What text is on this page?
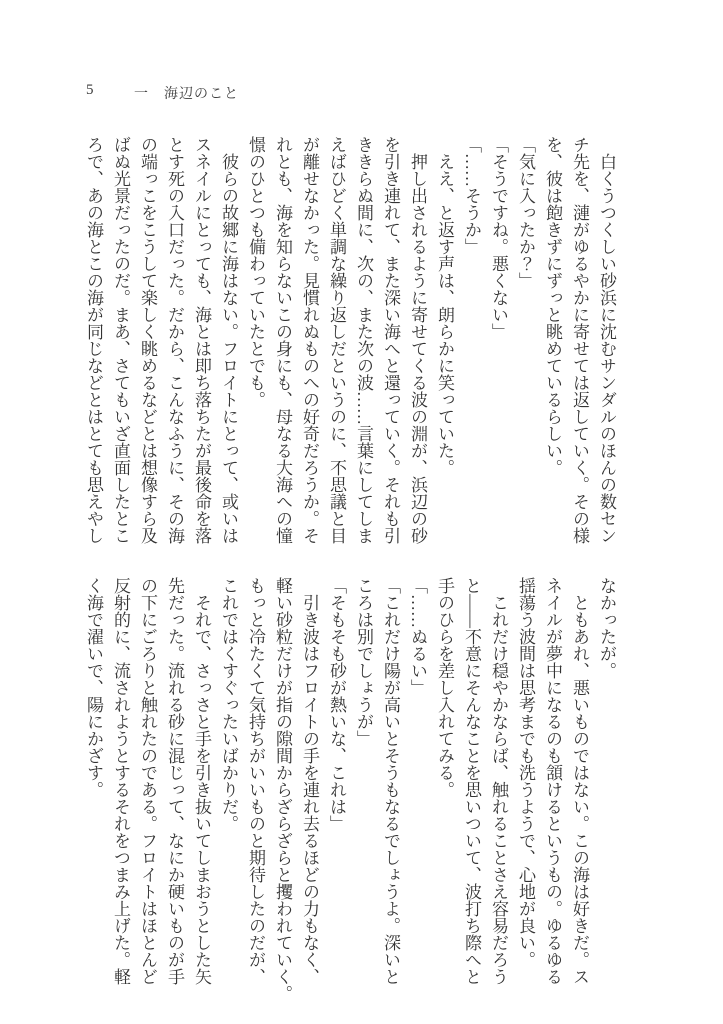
5	一　海辺のこと

白くうつくしい砂浜に沈むサンダルのほんの数セン

チ先を、漣がゆるやかに寄せては返していく。その様

を、彼は飽きずにずっと眺めているらしい。

「気に入ったか？」

「そうですね。悪くない」

「……そうか」

ええ、と返す声は、朗らかに笑っていた。

押し出されるように寄せてくる波の淵が、浜辺の砂

を引き連れて、また深い海へと還っていく。それも引

ききらぬ間に、次の、また次の波……言葉にしてしま

えばひどく単調な繰り返しだというのに、不思議と目

が離せなかった。見慣れぬものへの好奇だろうか。そ

れとも、海を知らないこの身にも、母なる大海への憧

憬のひとつも備わっていたとでも。

彼らの故郷に海はない。フロイトにとって、或いは

スネイルにとっても、海とは即ち落ちたが最後命を落

とす死の入口だった。だから、こんなふうに、その海

の端っこをこうして楽しく眺めるなどとは想像すら及

ばぬ光景だったのだ。まあ、さてもいざ直面したとこ

ろで、あの海とこの海が同じなどとはとても思えやし

なかったが。

ともあれ、悪いものではない。この海は好きだ。ス

ネイルが夢中になるのも頷けるというもの。ゆるゆる

揺蕩う波間は思考までも洗うようで、心地が良い。

これだけ穏やかならば、触れることさえ容易だろう

と――不意にそんなことを思いついて、波打ち際へと

手のひらを差し入れてみる。

「……ぬるい」

「これだけ陽が高いとそうもなるでしょうよ。深いと

ころは別でしょうが」

「そもそも砂が熱いな、これは」

引き波はフロイトの手を連れ去るほどの力もなく、

軽い砂粒だけが指の隙間からざらざらと攫われていく。

もっと冷たくて気持ちがいいものと期待したのだが、

これではくすぐったいばかりだ。

それで、さっさと手を引き抜いてしまおうとした矢

先だった。流れる砂に混じって、なにか硬いものが手

の下にごろりと触れたのである。フロイトはほとんど

反射的に、流されようとするそれをつまみ上げた。軽

く海で濯いで、陽にかざす。
